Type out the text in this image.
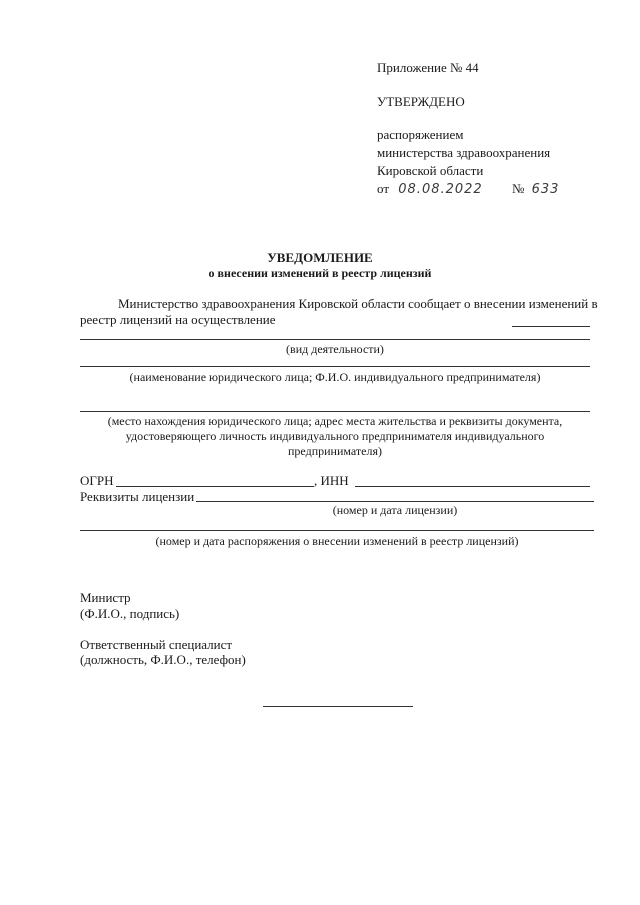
Приложение № 44
УТВЕРЖДЕНО
распоряжением
министерства здравоохранения
Кировской области
от 08.08.2022 № 633
УВЕДОМЛЕНИЕ
о внесении изменений в реестр лицензий
Министерство здравоохранения Кировской области сообщает о внесении изменений в
реестр лицензий на осуществление
(вид деятельности)
(наименование юридического лица; Ф.И.О. индивидуального предпринимателя)
(место нахождения юридического лица; адрес места жительства и реквизиты документа,
удостоверяющего личность индивидуального предпринимателя индивидуального
предпринимателя)
ОГРН	, ИНН
Реквизиты лицензии
(номер и дата лицензии)
(номер и дата распоряжения о внесении изменений в реестр лицензий)
Министр
(Ф.И.О., подпись)
Ответственный специалист
(должность, Ф.И.О., телефон)
